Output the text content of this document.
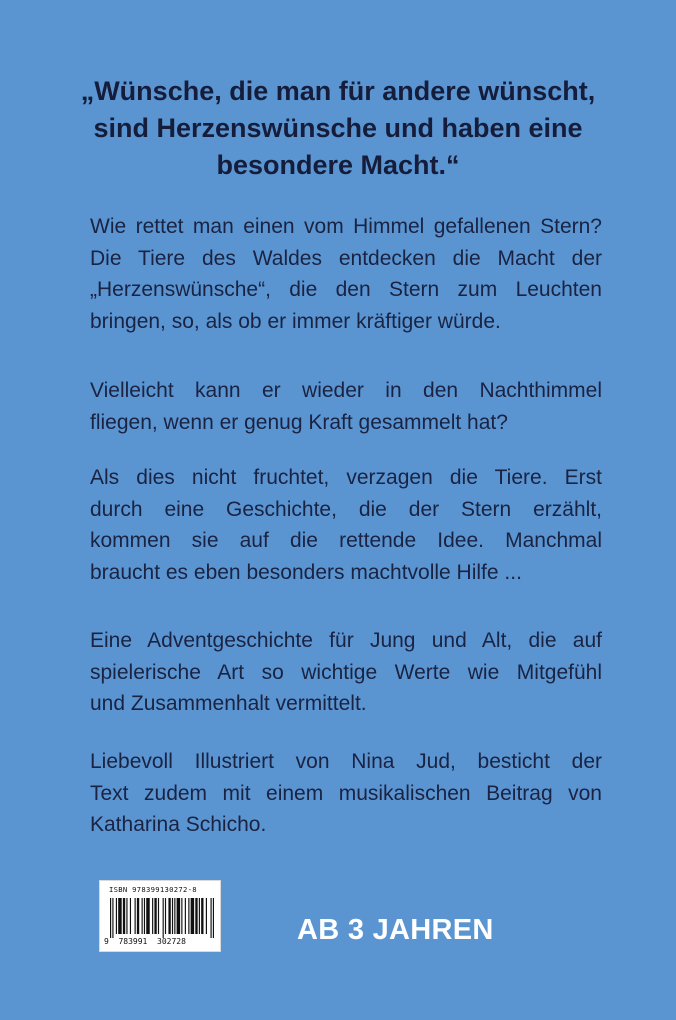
„Wünsche, die man für andere wünscht,
sind Herzenswünsche und haben eine
besondere Macht.“

Wie rettet man einen vom Himmel gefallenen Stern?
Die Tiere des Waldes entdecken die Macht der
„Herzenswünsche“, die den Stern zum Leuchten
bringen, so, als ob er immer kräftiger würde.

Vielleicht kann er wieder in den Nachthimmel
fliegen, wenn er genug Kraft gesammelt hat?

Als dies nicht fruchtet, verzagen die Tiere. Erst
durch eine Geschichte, die der Stern erzählt,
kommen sie auf die rettende Idee. Manchmal
braucht es eben besonders machtvolle Hilfe ...

Eine Adventgeschichte für Jung und Alt, die auf
spielerische Art so wichtige Werte wie Mitgefühl
und Zusammenhalt vermittelt.

Liebevoll Illustriert von Nina Jud, besticht der
Text zudem mit einem musikalischen Beitrag von
Katharina Schicho.

ISBN 978399130272-8
9 783991 302728	AB 3 JAHREN
